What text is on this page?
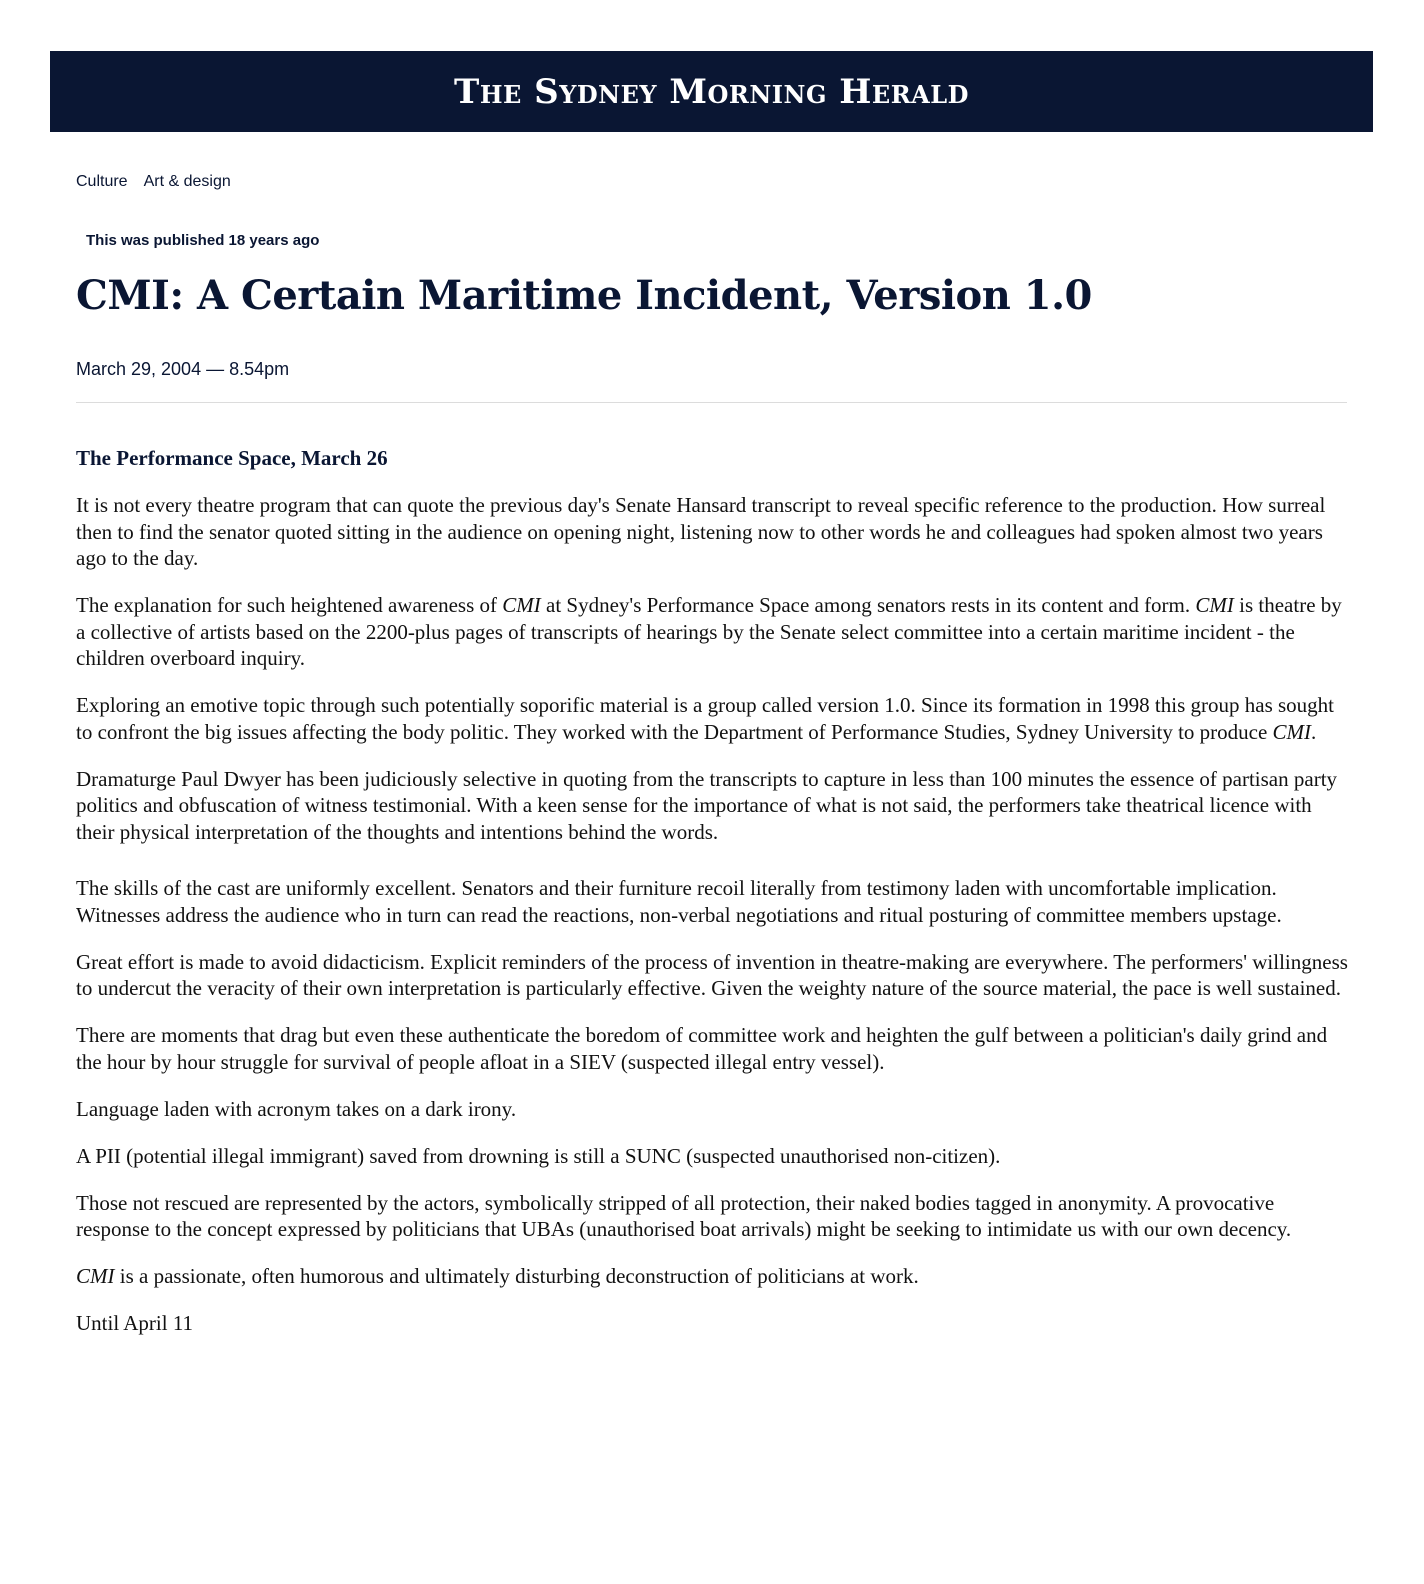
The Sydney Morning Herald
Culture Art & design
This was published 18 years ago
CMI: A Certain Maritime Incident, Version 1.0
March 29, 2004 — 8.54pm

The Performance Space, March 26

It is not every theatre program that can quote the previous day's Senate Hansard transcript to reveal specific reference to the production. How surreal then to find the senator quoted sitting in the audience on opening night, listening now to other words he and colleagues had spoken almost two years ago to the day.

The explanation for such heightened awareness of CMI at Sydney's Performance Space among senators rests in its content and form. CMI is theatre by a collective of artists based on the 2200-plus pages of transcripts of hearings by the Senate select committee into a certain maritime incident - the children overboard inquiry.

Exploring an emotive topic through such potentially soporific material is a group called version 1.0. Since its formation in 1998 this group has sought to confront the big issues affecting the body politic. They worked with the Department of Performance Studies, Sydney University to produce CMI.

Dramaturge Paul Dwyer has been judiciously selective in quoting from the transcripts to capture in less than 100 minutes the essence of partisan party politics and obfuscation of witness testimonial. With a keen sense for the importance of what is not said, the performers take theatrical licence with their physical interpretation of the thoughts and intentions behind the words.

The skills of the cast are uniformly excellent. Senators and their furniture recoil literally from testimony laden with uncomfortable implication. Witnesses address the audience who in turn can read the reactions, non-verbal negotiations and ritual posturing of committee members upstage.

Great effort is made to avoid didacticism. Explicit reminders of the process of invention in theatre-making are everywhere. The performers' willingness to undercut the veracity of their own interpretation is particularly effective. Given the weighty nature of the source material, the pace is well sustained.

There are moments that drag but even these authenticate the boredom of committee work and heighten the gulf between a politician's daily grind and the hour by hour struggle for survival of people afloat in a SIEV (suspected illegal entry vessel).

Language laden with acronym takes on a dark irony.

A PII (potential illegal immigrant) saved from drowning is still a SUNC (suspected unauthorised non-citizen).

Those not rescued are represented by the actors, symbolically stripped of all protection, their naked bodies tagged in anonymity. A provocative response to the concept expressed by politicians that UBAs (unauthorised boat arrivals) might be seeking to intimidate us with our own decency.

CMI is a passionate, often humorous and ultimately disturbing deconstruction of politicians at work.

Until April 11
